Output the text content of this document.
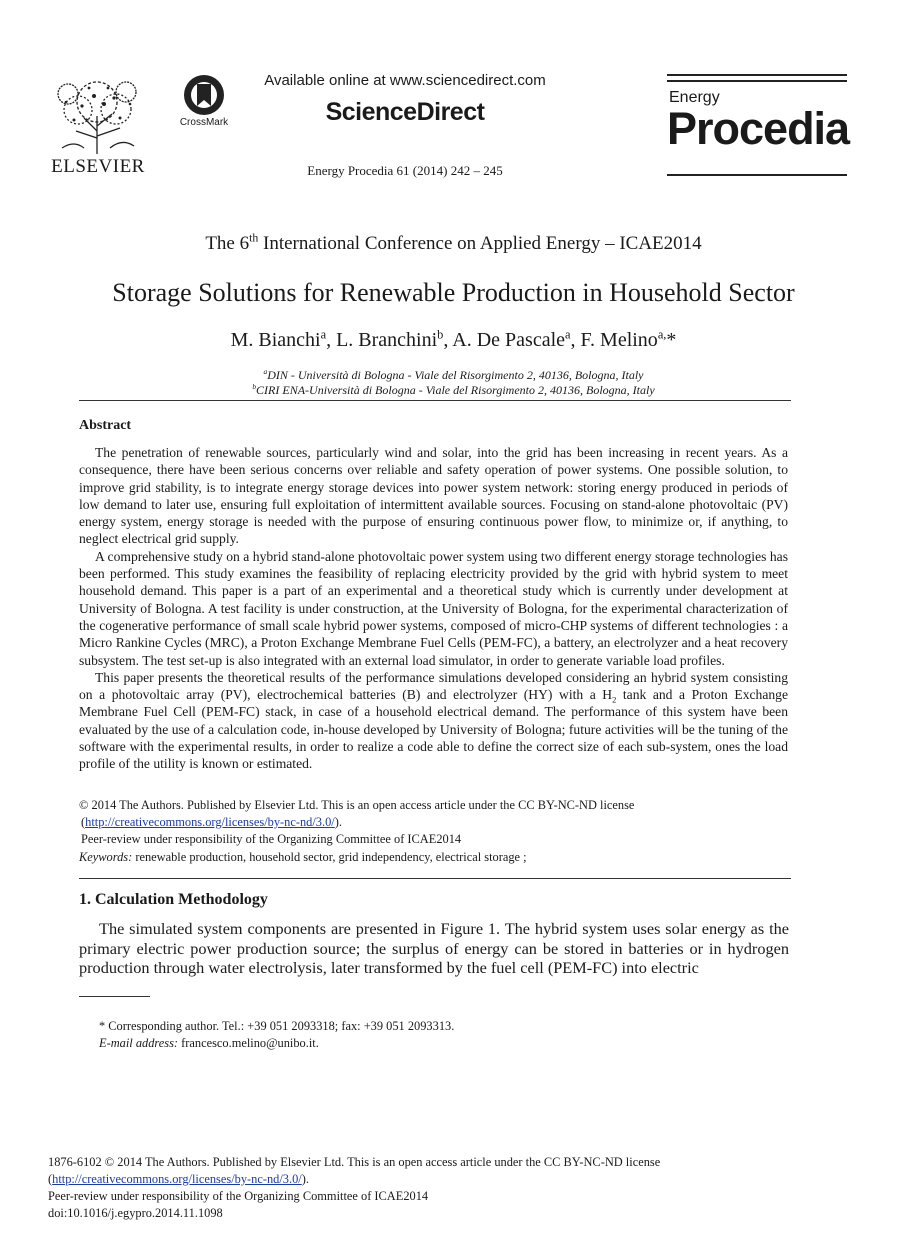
ELSEVIER
CrossMark
Available online at www.sciencedirect.com
ScienceDirect
Energy Procedia 61 (2014) 242 – 245
Energy
Procedia
The 6th International Conference on Applied Energy – ICAE2014
Storage Solutions for Renewable Production in Household Sector
M. Bianchi$^a$, L. Branchini$^b$, A. De Pascale$^a$, F. Melino$^{a,}$*
$^a$DIN - Università di Bologna - Viale del Risorgimento 2, 40136, Bologna, Italy
$^b$CIRI ENA-Università di Bologna - Viale del Risorgimento 2, 40136, Bologna, Italy
Abstract

The penetration of renewable sources, particularly wind and solar, into the grid has been increasing in recent years. As a consequence, there have been serious concerns over reliable and safety operation of power systems. One possible solution, to improve grid stability, is to integrate energy storage devices into power system network: storing energy produced in periods of low demand to later use, ensuring full exploitation of intermittent available sources. Focusing on stand-alone photovoltaic (PV) energy system, energy storage is needed with the purpose of ensuring continuous power flow, to minimize or, if anything, to neglect electrical grid supply.

A comprehensive study on a hybrid stand-alone photovoltaic power system using two different energy storage technologies has been performed. This study examines the feasibility of replacing electricity provided by the grid with hybrid system to meet household demand. This paper is a part of an experimental and a theoretical study which is currently under development at University of Bologna. A test facility is under construction, at the University of Bologna, for the experimental characterization of the cogenerative performance of small scale hybrid power systems, composed of micro-CHP systems of different technologies : a Micro Rankine Cycles (MRC), a Proton Exchange Membrane Fuel Cells (PEM-FC), a battery, an electrolyzer and a heat recovery subsystem. The test set-up is also integrated with an external load simulator, in order to generate variable load profiles.

This paper presents the theoretical results of the performance simulations developed considering an hybrid system consisting on a photovoltaic array (PV), electrochemical batteries (B) and electrolyzer (HY) with a $H_2$ tank and a Proton Exchange Membrane Fuel Cell (PEM-FC) stack, in case of a household electrical demand. The performance of this system have been evaluated by the use of a calculation code, in-house developed by University of Bologna; future activities will be the tuning of the software with the experimental results, in order to realize a code able to define the correct size of each sub-system, ones the load profile of the utility is known or estimated.

© 2014 The Authors. Published by Elsevier Ltd. This is an open access article under the CC BY-NC-ND license
(http://creativecommons.org/licenses/by-nc-nd/3.0/).
Peer-review under responsibility of the Organizing Committee of ICAE2014
Keywords: renewable production, household sector, grid independency, electrical storage ;
1. Calculation Methodology

The simulated system components are presented in Figure 1. The hybrid system uses solar energy as the primary electric power production source; the surplus of energy can be stored in batteries or in hydrogen production through water electrolysis, later transformed by the fuel cell (PEM-FC) into electric

* Corresponding author. Tel.: +39 051 2093318; fax: +39 051 2093313.
E-mail address: francesco.melino@unibo.it.
1876-6102 © 2014 The Authors. Published by Elsevier Ltd. This is an open access article under the CC BY-NC-ND license
(http://creativecommons.org/licenses/by-nc-nd/3.0/).
Peer-review under responsibility of the Organizing Committee of ICAE2014
doi:10.1016/j.egypro.2014.11.1098
